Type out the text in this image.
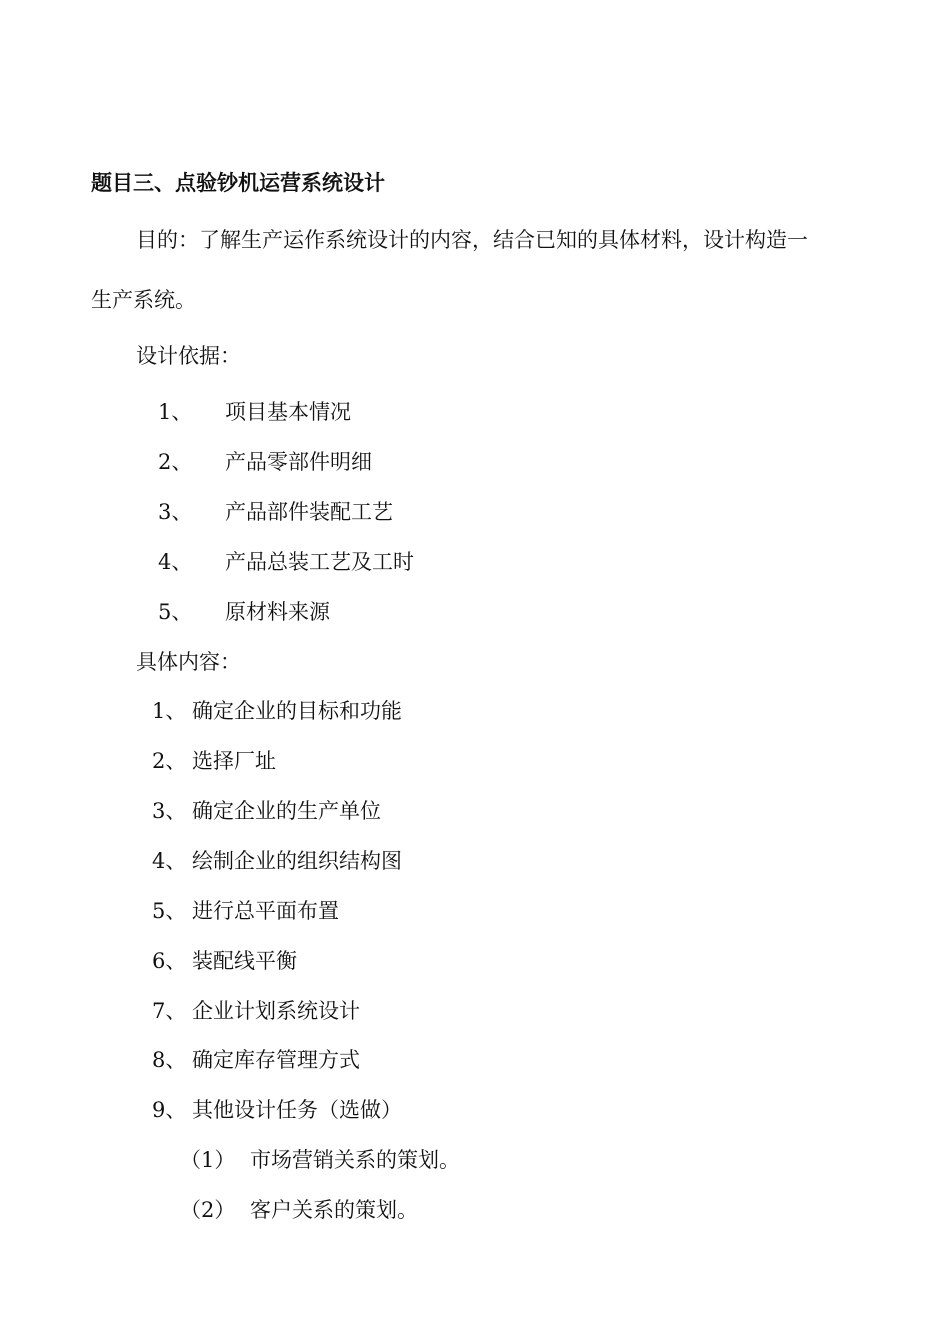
题目三、点验钞机运营系统设计
目的：了解生产运作系统设计的内容，结合已知的具体材料，设计构造一
生产系统。
设计依据：
1、 项目基本情况
2、 产品零部件明细
3、 产品部件装配工艺
4、 产品总装工艺及工时
5、 原材料来源
具体内容：
1、 确定企业的目标和功能
2、 选择厂址
3、 确定企业的生产单位
4、 绘制企业的组织结构图
5、 进行总平面布置
6、 装配线平衡
7、 企业计划系统设计
8、 确定库存管理方式
9、 其他设计任务（选做）
（1） 市场营销关系的策划。
（2） 客户关系的策划。
